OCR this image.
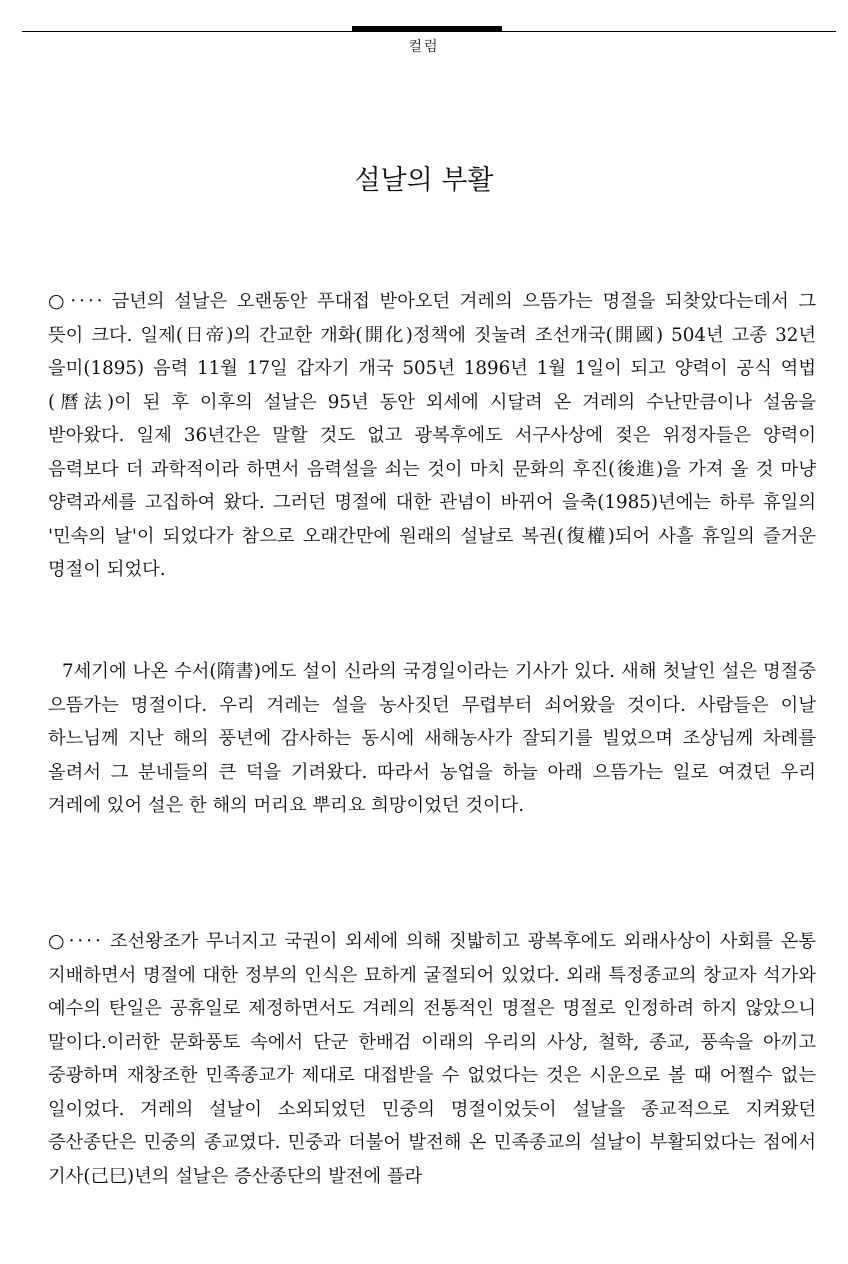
컬럼
설날의 부활

○ ···· 금년의 설날은 오랜동안 푸대접 받아오던 겨레의 으뜸가는 명절을 되찾았다는데서 그 뜻이 크다. 일제(日帝)의 간교한 개화(開化)정책에 짓눌려 조선개국(開國) 504년 고종 32년 을미(1895) 음력 11월 17일 갑자기 개국 505년 1896년 1월 1일이 되고 양력이 공식 역법(曆法)이 된 후 이후의 설날은 95년 동안 외세에 시달려 온 겨레의 수난만큼이나 설움을 받아왔다. 일제 36년간은 말할 것도 없고 광복후에도 서구사상에 젖은 위정자들은 양력이 음력보다 더 과학적이라 하면서 음력설을 쇠는 것이 마치 문화의 후진(後進)을 가져 올 것 마냥 양력과세를 고집하여 왔다. 그러던 명절에 대한 관념이 바뀌어 을축(1985)년에는 하루 휴일의 '민속의 날'이 되었다가 참으로 오래간만에 원래의 설날로 복권(復權)되어 사흘 휴일의 즐거운 명절이 되었다.

7세기에 나온 수서(隋書)에도 설이 신라의 국경일이라는 기사가 있다. 새해 첫날인 설은 명절중 으뜸가는 명절이다. 우리 겨레는 설을 농사짓던 무렵부터 쇠어왔을 것이다. 사람들은 이날 하느님께 지난 해의 풍년에 감사하는 동시에 새해농사가 잘되기를 빌었으며 조상님께 차례를 올려서 그 분네들의 큰 덕을 기려왔다. 따라서 농업을 하늘 아래 으뜸가는 일로 여겼던 우리 겨레에 있어 설은 한 해의 머리요 뿌리요 희망이었던 것이다.

○ ···· 조선왕조가 무너지고 국권이 외세에 의해 짓밟히고 광복후에도 외래사상이 사회를 온통 지배하면서 명절에 대한 정부의 인식은 묘하게 굴절되어 있었다. 외래 특정종교의 창교자 석가와 예수의 탄일은 공휴일로 제정하면서도 겨레의 전통적인 명절은 명절로 인정하려 하지 않았으니 말이다.이러한 문화풍토 속에서 단군 한배검 이래의 우리의 사상, 철학, 종교, 풍속을 아끼고 중광하며 재창조한 민족종교가 제대로 대접받을 수 없었다는 것은 시운으로 볼 때 어쩔수 없는 일이었다. 겨레의 설날이 소외되었던 민중의 명절이었듯이 설날을 종교적으로 지켜왔던 증산종단은 민중의 종교였다. 민중과 더불어 발전해 온 민족종교의 설날이 부활되었다는 점에서 기사(己巳)년의 설날은 증산종단의 발전에 플라
